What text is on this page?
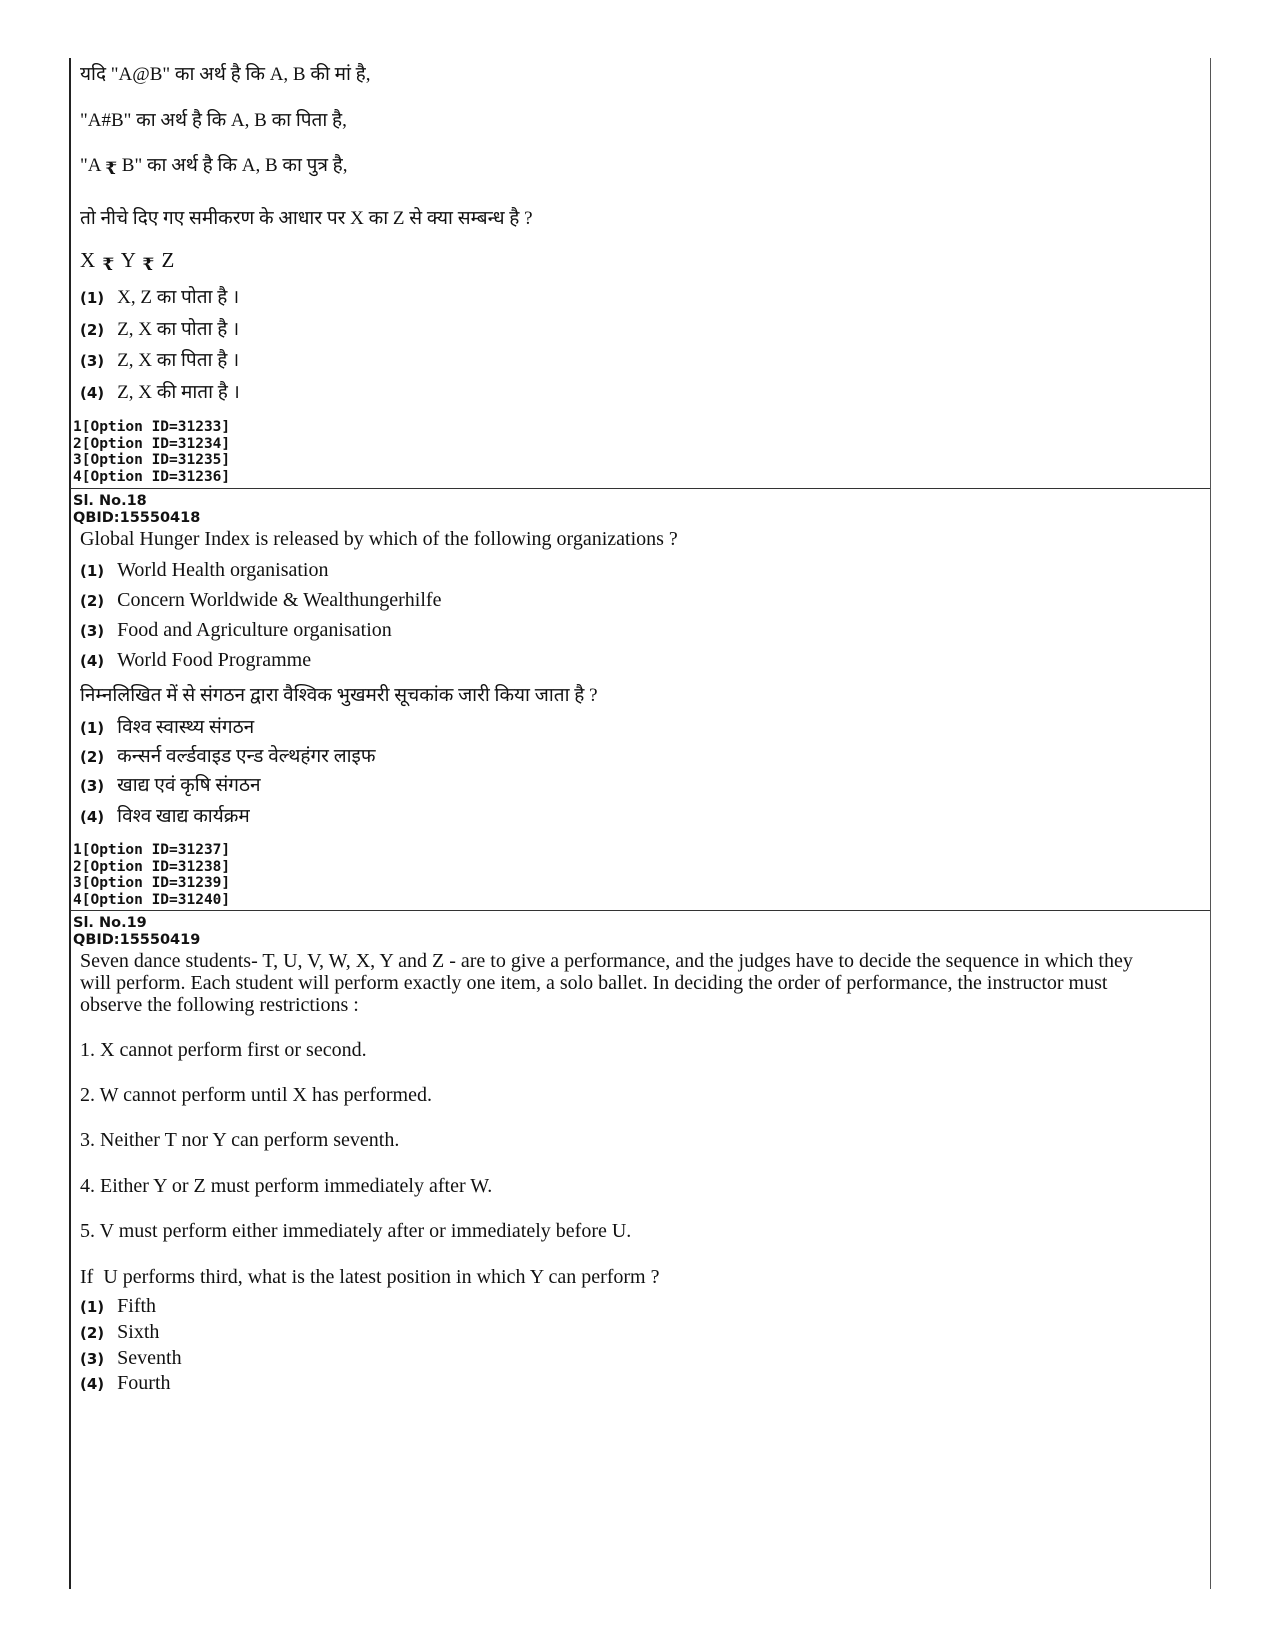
यदि "A@B" का अर्थ है कि A, B की मां है,
"A#B" का अर्थ है कि A, B का पिता है,
"A ₹ B" का अर्थ है कि A, B का पुत्र है,
तो नीचे दिए गए समीकरण के आधार पर X का Z से क्या सम्बन्ध है ?
X ₹ Y ₹ Z
(1) X, Z का पोता है ।
(2) Z, X का पोता है ।
(3) Z, X का पिता है ।
(4) Z, X की माता है ।
1[Option ID=31233]
2[Option ID=31234]
3[Option ID=31235]
4[Option ID=31236]
Sl. No.18
QBID:15550418
Global Hunger Index is released by which of the following organizations ?
(1) World Health organisation
(2) Concern Worldwide & Wealthungerhilfe
(3) Food and Agriculture organisation
(4) World Food Programme
निम्नलिखित में से संगठन द्वारा वैश्विक भुखमरी सूचकांक जारी किया जाता है ?
(1) विश्व स्वास्थ्य संगठन
(2) कन्सर्न वर्ल्डवाइड एन्ड वेल्थहंगर लाइफ
(3) खाद्य एवं कृषि संगठन
(4) विश्व खाद्य कार्यक्रम
1[Option ID=31237]
2[Option ID=31238]
3[Option ID=31239]
4[Option ID=31240]
Sl. No.19
QBID:15550419
Seven dance students- T, U, V, W, X, Y and Z - are to give a performance, and the judges have to decide the sequence in which they will perform. Each student will perform exactly one item, a solo ballet. In deciding the order of performance, the instructor must observe the following restrictions :
1. X cannot perform first or second.
2. W cannot perform until X has performed.
3. Neither T nor Y can perform seventh.
4. Either Y or Z must perform immediately after W.
5. V must perform either immediately after or immediately before U.
If  U performs third, what is the latest position in which Y can perform ?
(1) Fifth
(2) Sixth
(3) Seventh
(4) Fourth
